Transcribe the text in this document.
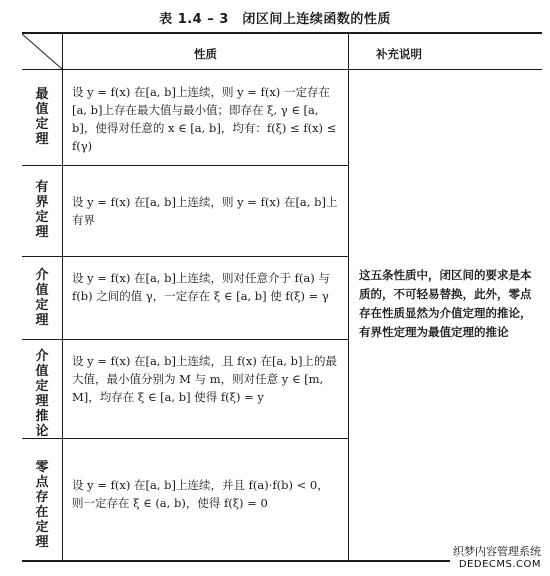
表 1.4 – 3　闭区间上连续函数的性质
性质	补充说明
最值定理
设 y = f(x) 在[a, b]上连续，则 y = f(x) 一定存在[a, b]上存在最大值与最小值；即存在 ξ, γ ∈ [a, b]，使得对任意的 x ∈ [a, b]，均有：f(ξ) ≤ f(x) ≤ f(γ)
有界定理
设 y = f(x) 在[a, b]上连续，则 y = f(x) 在[a, b]上有界
介值定理
设 y = f(x) 在[a, b]上连续，则对任意介于 f(a) 与 f(b) 之间的值 γ，一定存在 ξ ∈ [a, b] 使 f(ξ) = γ
介值定理推论
设 y = f(x) 在[a, b]上连续，且 f(x) 在[a, b]上的最大值，最小值分别为 M 与 m，则对任意 y ∈ [m, M]，均存在 ξ ∈ [a, b] 使得 f(ξ) = y
零点存在定理
设 y = f(x) 在[a, b]上连续，并且 f(a)·f(b) < 0，则一定存在 ξ ∈ (a, b)，使得 f(ξ) = 0
这五条性质中，闭区间的要求是本质的，不可轻易替换，此外，零点存在性质显然为介值定理的推论，有界性定理为最值定理的推论
织梦内容管理系统
DEDECMS.COM
